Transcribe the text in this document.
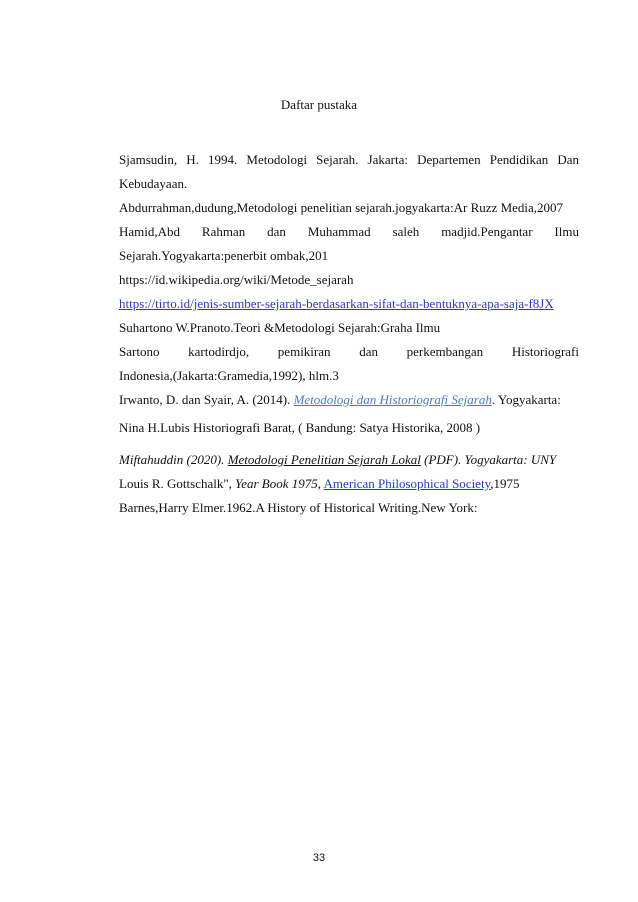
Daftar pustaka
Sjamsudin, H. 1994. Metodologi Sejarah. Jakarta: Departemen Pendidikan Dan
Kebudayaan.
Abdurrahman,dudung,Metodologi penelitian sejarah.jogyakarta:Ar Ruzz Media,2007
Hamid,Abd Rahman dan Muhammad saleh madjid.Pengantar Ilmu
Sejarah.Yogyakarta:penerbit ombak,201
https://id.wikipedia.org/wiki/Metode_sejarah
https://tirto.id/jenis-sumber-sejarah-berdasarkan-sifat-dan-bentuknya-apa-saja-f8JX
Suhartono W.Pranoto.Teori &Metodologi Sejarah:Graha Ilmu
Sartono kartodirdjo, pemikiran dan perkembangan Historiografi
Indonesia,(Jakarta:Gramedia,1992), hlm.3
Irwanto, D. dan Syair, A. (2014). Metodologi dan Historiografi Sejarah. Yogyakarta:
Nina H.Lubis Historiografi Barat, ( Bandung: Satya Historika, 2008 )
Miftahuddin (2020). Metodologi Penelitian Sejarah Lokal (PDF). Yogyakarta: UNY
Louis R. Gottschalk", Year Book 1975, American Philosophical Society,1975
Barnes,Harry Elmer.1962.A History of Historical Writing.New York:
33
